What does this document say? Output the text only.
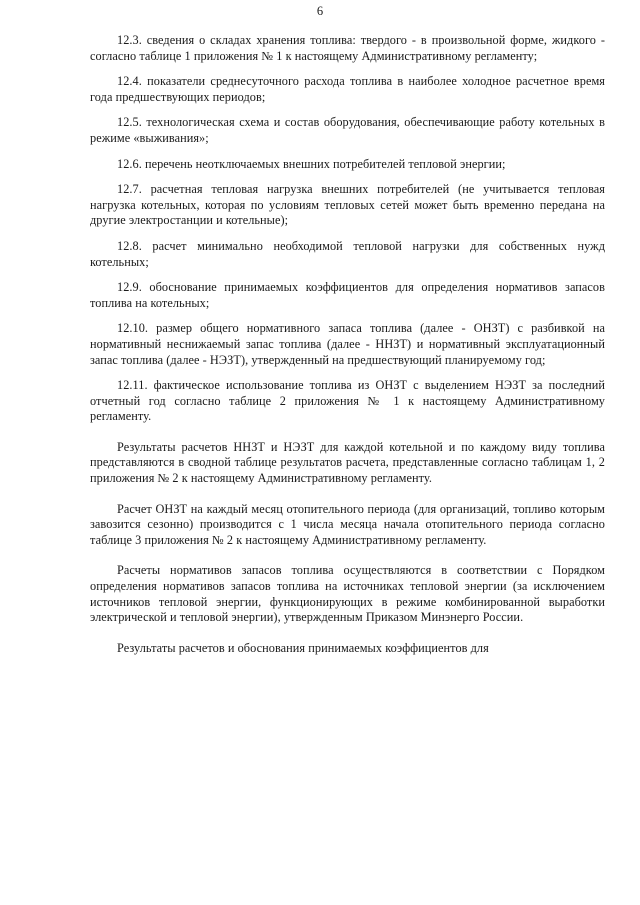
6

12.3. сведения о складах хранения топлива: твердого - в произвольной форме, жидкого - согласно таблице 1 приложения № 1 к настоящему Административному регламенту;

12.4. показатели среднесуточного расхода топлива в наиболее холодное расчетное время года предшествующих периодов;

12.5. технологическая схема и состав оборудования, обеспечивающие работу котельных в режиме «выживания»;

12.6. перечень неотключаемых внешних потребителей тепловой энергии;

12.7. расчетная тепловая нагрузка внешних потребителей (не учитывается тепловая нагрузка котельных, которая по условиям тепловых сетей может быть временно передана на другие электростанции и котельные);

12.8. расчет минимально необходимой тепловой нагрузки для собственных нужд котельных;

12.9. обоснование принимаемых коэффициентов для определения нормативов запасов топлива на котельных;

12.10. размер общего нормативного запаса топлива (далее - ОНЗТ) с разбивкой на нормативный неснижаемый запас топлива (далее - ННЗТ) и нормативный эксплуатационный запас топлива (далее - НЭЗТ), утвержденный на предшествующий планируемому год;

12.11. фактическое использование топлива из ОНЗТ с выделением НЭЗТ за последний отчетный год согласно таблице 2 приложения № 1 к настоящему Административному регламенту.

Результаты расчетов ННЗТ и НЭЗТ для каждой котельной и по каждому виду топлива представляются в сводной таблице результатов расчета, представленные согласно таблицам 1, 2 приложения № 2 к настоящему Административному регламенту.

Расчет ОНЗТ на каждый месяц отопительного периода (для организаций, топливо которым завозится сезонно) производится с 1 числа месяца начала отопительного периода согласно таблице 3 приложения № 2 к настоящему Административному регламенту.

Расчеты нормативов запасов топлива осуществляются в соответствии с Порядком определения нормативов запасов топлива на источниках тепловой энергии (за исключением источников тепловой энергии, функционирующих в режиме комбинированной выработки электрической и тепловой энергии), утвержденным Приказом Минэнерго России.

Результаты расчетов и обоснования принимаемых коэффициентов для
